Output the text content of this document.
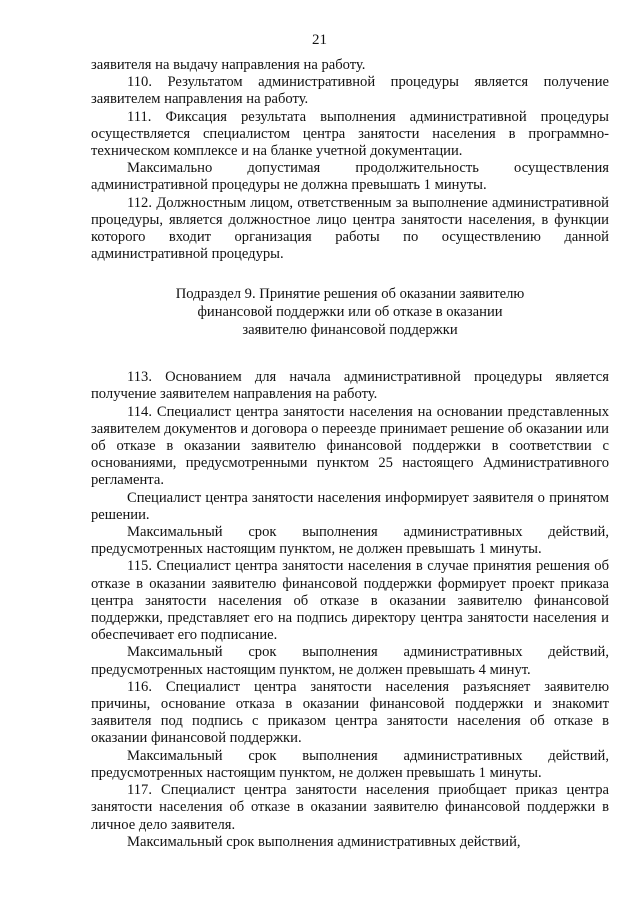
21

заявителя на выдачу направления на работу.

110. Результатом административной процедуры является получение заявителем направления на работу.

111. Фиксация результата выполнения административной процедуры осуществляется специалистом центра занятости населения в программно-техническом комплексе и на бланке учетной документации.

Максимально допустимая продолжительность осуществления административной процедуры не должна превышать 1 минуты.

112. Должностным лицом, ответственным за выполнение административной процедуры, является должностное лицо центра занятости населения, в функции которого входит организация работы по осуществлению данной административной процедуры.

Подраздел 9. Принятие решения об оказании заявителю
финансовой поддержки или об отказе в оказании
заявителю финансовой поддержки

113. Основанием для начала административной процедуры является получение заявителем направления на работу.

114. Специалист центра занятости населения на основании представленных заявителем документов и договора о переезде принимает решение об оказании или об отказе в оказании заявителю финансовой поддержки в соответствии с основаниями, предусмотренными пунктом 25 настоящего Административного регламента.

Специалист центра занятости населения информирует заявителя о принятом решении.

Максимальный срок выполнения административных действий, предусмотренных настоящим пунктом, не должен превышать 1 минуты.

115. Специалист центра занятости населения в случае принятия решения об отказе в оказании заявителю финансовой поддержки формирует проект приказа центра занятости населения об отказе в оказании заявителю финансовой поддержки, представляет его на подпись директору центра занятости населения и обеспечивает его подписание.

Максимальный срок выполнения административных действий, предусмотренных настоящим пунктом, не должен превышать 4 минут.

116. Специалист центра занятости населения разъясняет заявителю причины, основание отказа в оказании финансовой поддержки и знакомит заявителя под подпись с приказом центра занятости населения об отказе в оказании финансовой поддержки.

Максимальный срок выполнения административных действий, предусмотренных настоящим пунктом, не должен превышать 1 минуты.

117. Специалист центра занятости населения приобщает приказ центра занятости населения об отказе в оказании заявителю финансовой поддержки в личное дело заявителя.

Максимальный срок выполнения административных действий,
